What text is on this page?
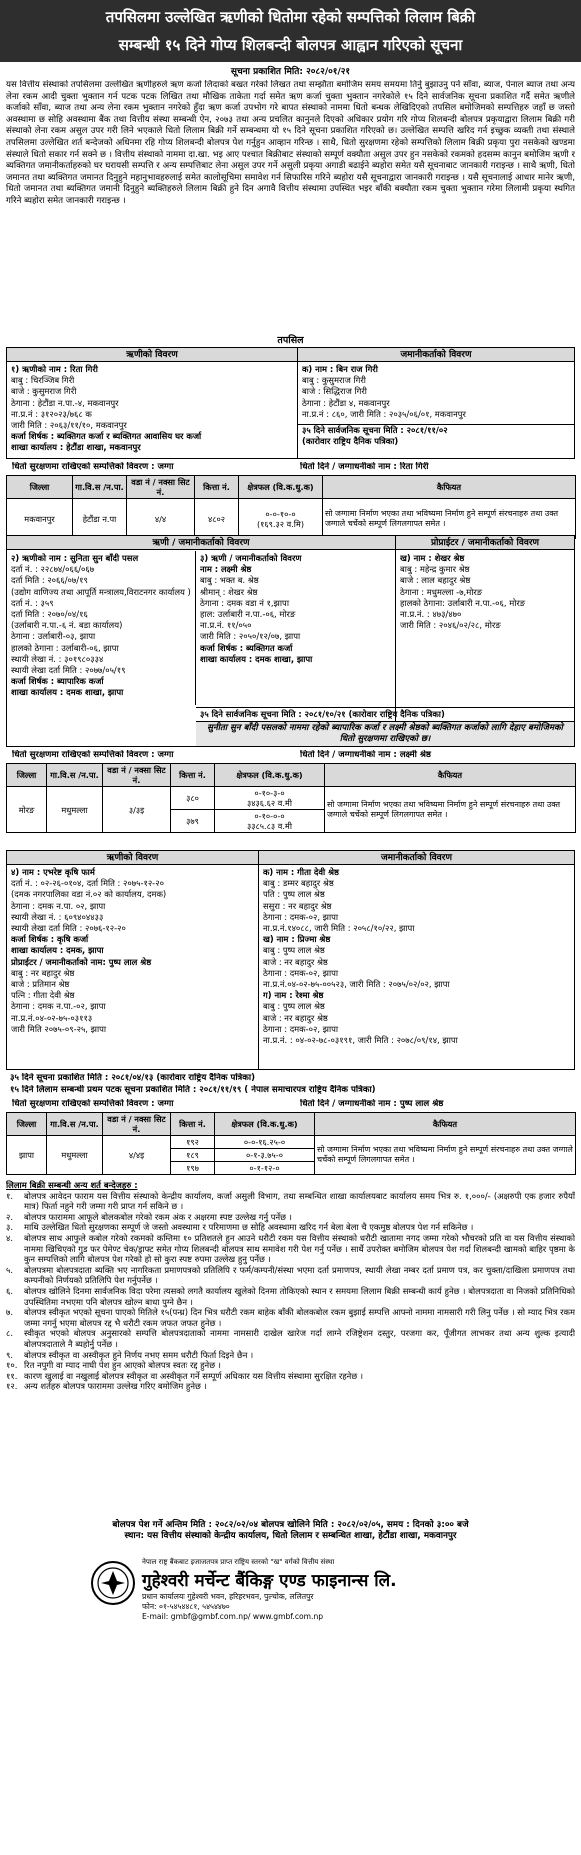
तपसिलमा उल्लेखित ऋणीको धितोमा रहेको सम्पत्तिको लिलाम बिक्री
सम्बन्धी १५ दिने गोप्य शिलबन्दी बोलपत्र आह्वान गरिएको सूचना
सूचना प्रकाशित मिति: २०८२/०१/२१
यस वित्तीय संस्थाको तपसिलमा उल्लेखित ऋणीहरुले ऋण कर्जा लिदाको बखत गरेको लिखत तथा सम्झौता बमोजिम समय समयमा तिर्नु बुझाउनु पर्ने साँवा, ब्याज, पेनाल ब्याज तथा अन्य लेना रकम आदी चुक्ता भुक्तान गर्न पटक पटक लिखित तथा मौखिक ताकेता गर्दा समेत ऋण कर्जा चुक्ता भुक्तान नगरेकोले १५ दिने सार्वजनिक सूचना प्रकाशित गर्दै समेत ऋणीले कर्जाको साँवा, ब्याज तथा अन्य लेना रकम भुक्तान नगरेको हुँदा ऋण कर्जा उपभोग गरे बापत संस्थाको नाममा धितो बन्धक लेखिदिएको तपसिल बमोजिमको सम्पत्तिहरु जहाँ छ जस्तो अवस्थामा छ सोहि अवस्थामा बैंक तथा वित्तीय संस्था सम्बन्धी ऐन, २०७३ तथा अन्य प्रचलित कानुनले दिएको अधिकार प्रयोग गरि गोप्य शिलबन्दी बोलपत्र प्रकृयाद्वारा लिलाम बिक्री गरी संस्थाको लेना रकम असुल उपर गरी लिने भएकाले धितो लिलाम बिक्री गर्ने सम्बन्धमा यो १५ दिने सूचना प्रकाशित गरिएको छ। उल्लेखित सम्पत्ति खरिद गर्न इच्छुक व्यक्ती तथा संस्थाले तपसिलमा उल्लेखित शर्त बन्देजको अधिनमा रहि गोप्य शिलबन्दी बोलपत्र पेश गर्नुहुन आव्हान गरिन्छ । साथै, धितो सुरक्षणमा रहेको सम्पत्तिको लिलाम बिक्री प्रकृया पुरा नसकेको खण्डमा संस्थाले धितो सकार गर्न सक्ने छ । वित्तीय संस्थाको नाममा दा.खा. भइ आए पश्चात बिक्रीबाट संस्थाको सम्पूर्ण वक्यौता असुल उपर हुन नसकेको रकमको हदसम्म कानुन बमोजिम ऋणी र ब्यक्तिगत जमानीकर्ताहरुको घर घरायसी सम्पत्ति र अन्य सम्पत्तिबाट लेना असुल उपर गर्ने असुली प्रकृया अगाडी बढाईने ब्यहोरा समेत यसै सूचनाबाट जानकारी गराइन्छ । साथै ऋणी, धितो जमानत तथा ब्यक्तिगत जमानत दिनुहुने महानुभावहरुलाई समेत कालोसूचिमा समावेश गर्न सिफारिस गरिने ब्यहोरा यसै सूचनाद्वारा जानकारी गराइन्छ । यसै सूचनालाई आधार मानेर ऋणी, धितो जमानत तथा ब्यक्तिगत जमानी दिनुहुने ब्यक्तिहरुले लिलाम बिक्री हुने दिन अगावै वित्तीय संस्थामा उपस्थित भइर बाँकी बक्यौता रकम चुक्ता भुक्तान गरेमा लिलामी प्रकृया स्थगित गरिने ब्यहोरा समेत जानकारी गराइन्छ ।
तपसिल
ऋणीको विवरण
१) ऋणीको नाम : रिता गिरी
बाबु : चिरञ्जिब गिरी
बाजे : कुसुमराज गिरी
ठेगाना : हेटौंडा न.पा.-४, मकवानपुर
ना.प्र.नं : ३१२०२३/७६८ क
जारी मिति : २०६३/११/१०, मकवानपुर
कर्जा शिर्षक : ब्यक्तिगत कर्जा र ब्यक्तिगत आवासिय घर कर्जा
शाखा कार्यालय : हेटौंडा शाखा, मकवानपुर
जमानीकर्ताको विवरण
क) नाम : बिन राज गिरी
बाबु : कुसुमराज गिरी
बाजे : सिद्धिराज गिरी
ठेगाना : हेटौंडा ४, मकवानपुर
ना.प्र.नं : ८६०, जारी मिति : २०३५/०६/०१, मकवानपुर
३५ दिने सार्वजनिक सूचना मिति : २०८१/११/०२
(कारोवार राष्ट्रिय दैनिक पत्रिका)
धितो सुरक्षणमा राखिएको सम्पत्तिको विवरण : जग्गा	धितो दिने / जग्गाधनीको नाम : रिता गिरी
जिल्ला	गा.वि.स /न.पा.	वडा नं / नक्सा सिट नं.	कित्ता नं.	क्षेत्रफल (वि.क.धु.क)	कैफियत
मकवानपुर	हेटौंडा न.पा	४/४	४८०२	०-०-१०-०
(१६९.३२ व.मि)	सो जग्गामा निर्माण भएका तथा भविष्यमा निर्माण हुने सम्पूर्ण संरचनाहरु तथा उक्त जग्गाले चर्चेको सम्पूर्ण लिगलगापत समेत ।
ऋणी / जमानीकर्ताको विवरण	प्रोप्राईटर / जमानीकर्ताको विवरण
२) ऋणीको नाम : सुनिता सुन बाँदी पसल
दर्ता नं. : २२८७४/०६६/०६७
दर्ता मिति : २०६६/०७/१९
(उद्योग वाणिज्य तथा आपूर्ति मन्त्रालय,विराटनगर कार्यालय )
दर्ता नं. : ३५९
दर्ता मिति : २०७०/०४/१६
(उर्लाबारी न.पा.-६ नं. बडा कार्यालय)
ठेगाना : उर्लाबारी-०३, झापा
हालको ठेगाना : उर्लाबारी-०६, झापा
स्थायी लेखा नं. : ३०१९८०३३४
स्थायी लेखा दर्ता मिति : २०७७/०५/१९
कर्जा शिर्षक : ब्यापारिक कर्जा
शाखा कार्यालय : दमक शाखा, झापा
३) ऋणी / जमानीकर्ताको विवरण
नाम : लक्ष्मी श्रेष्ठ
बाबु : भक्त ब. श्रेष्ठ
श्रीमान् : शेखर श्रेष्ठ
ठेगाना : दमक वडा नं १,झापा
हाल: उर्लाबारी न.पा.-०६, मोरङ
ना.प्र.नं. ११/०५०
जारी मिति : २०५०/१२/०७, झापा
कर्जा शिर्षक : ब्यक्तिगत कर्जा
शाखा कार्यालय : दमक शाखा, झापा
ख) नाम : शेखर श्रेष्ठ
बाबु : महेन्द्र कुमार श्रेष्ठ
बाजे : लाल बहादुर श्रेष्ठ
ठेगाना : मधुमल्ला -७,मोरङ
हालको ठेगाना: उर्लाबारी न.पा.-०६, मोरङ
ना.प्र.नं. : ४७३/४७०
जारी मिति : २०४६/०२/२८, मोरङ
३५ दिने सार्वजनिक सूचना मिति : २०८१/१०/२१ (कारोवार राष्ट्रिय दैनिक पत्रिका)
सुनीता सुन बाँदी पसलको नाममा रहेको ब्यापारिक कर्जा र लक्ष्मी श्रेष्ठको ब्यक्तिगत कर्जाको लागि देहाए बमोजिमको धितो सुरक्षणमा राखिएको छ।
धितो सुरक्षणमा राखिएको सम्पत्तिको विवरण : जग्गा	धितो दिने / जग्गाधनीको नाम : लक्ष्मी श्रेष्ठ
जिल्ला	गा.वि.स /न.पा.	वडा नं / नक्सा सिट नं.	कित्ता नं.	क्षेत्रफल (वि.क.धु.क)	कैफियत
मोरङ	मधुमल्ला	३/३इ	३८०	०-१०-३-०
३४३६.६२ व.मी	सो जग्गामा निर्माण भएका तथा भविष्यमा निर्माण हुने सम्पूर्ण संरचनाहरु तथा उक्त जग्गाले चर्चेको सम्पूर्ण लिगलगापत समेत ।
			३७९	०-१०-०-०
३३८५.८३ व.मी	
ऋणीको विवरण
४) नाम : एभरेष्ट कृषि फार्म
दर्ता नं. : ०२-२६-०१०४, दर्ता मिति : २०७५-१२-२०
(दमक नगरपालिका वडा नं.०२ को कार्यालय, दमक)
ठेगाना : दमक न.पा. ०२, झापा
स्थायी लेखा नं. : ६०९४०४४३३
स्थायी लेखा दर्ता मिति : २०७६-१२-२०
कर्जा शिर्षक : कृषि कर्जा
शाखा कार्यालय : दमक, झापा
प्रोप्राईटर / जमानीकर्ताको नाम: पुष्प लाल श्रेष्ठ
बाबु : नर बहादुर श्रेष्ठ
बाजे : प्रतिमान श्रेष्ठ
पत्नि : गीता देवी श्रेष्ठ
ठेगाना : दमक न.पा.-०२, झापा
ना.प्र.नं.०४-०२-७५-०३११३
जारी मिति २०७५-०९-२५, झापा
जमानीकर्ताको विवरण
क) नाम : गीता देवी श्रेष्ठ
बाबु : डम्मर बहादुर श्रेष्ठ
पति : पुष्प लाल श्रेष्ठ
ससुरा : नर बहादुर श्रेष्ठ
ठेगाना : दमक-०२, झापा
ना.प्र.नं.१४०८८, जारी मिति : २०५८/१०/२२, झापा
ख) नाम : प्रिज्मा श्रेष्ठ
बाबु : पुष्प लाल श्रेष्ठ
बाजे : नर बहादुर श्रेष्ठ
ठेगाना : दमक-०२, झापा
ना.प्र.नं.०४-०२-७५-००५२३, जारी मिति : २०७५/०२/०२, झापा
ग) नाम : रेश्मा श्रेष्ठ
बाबु : पुष्प लाल श्रेष्ठ
बाजे : नर बहादुर श्रेष्ठ
ठेगाना : दमक-०२, झापा
ना.प्र.नं. : ०४-०२-७८-०३१९१, जारी मिति : २०७८/०९/१४, झापा
३५ दिने सूचना प्रकाशित मिति : २०८१/०४/१३ (कारोवार राष्ट्रिय दैनिक पत्रिका)
१५ दिने लिलाम सम्बन्धी प्रथम पटक सूचना प्रकाशित मिति : २०८१/११/१९ ( नेपाल समाचारपत्र राष्ट्रिय दैनिक पत्रिका)
धितो सुरक्षणमा राखिएको सम्पत्तिको विवरण : जग्गा	धितो दिने / जग्गाधनीको नाम : पुष्प लाल श्रेष्ठ
जिल्ला	गा.वि.स /न.पा.	वडा नं / नक्सा सिट नं.	कित्ता नं.	क्षेत्रफल (वि.क.धु.क)	कैफियत
झापा	मधुमल्ला	४/४इ	१९२	०-०-१६.२५-०	सो जग्गामा निर्माण भएका तथा भविष्यमा निर्माण हुने सम्पूर्ण संरचनाहरु तथा उक्त जग्गाले चर्चेको सम्पूर्ण लिगलगापत समेत ।
			१८९	०-१-३.७५-०	
			१९७	०-१-१२-०	
लिलाम बिक्री सम्बन्धी अन्य शर्त बन्देजहरु :
१.	बोलपत्र आवेदन फाराम यस वित्तीय संस्थाको केन्द्रीय कार्यालय, कर्जा असुली विभाग, तथा सम्बन्धित शाखा कार्यालयबाट कार्यालय समय भित्र रु. १,०००/- (अक्षरुपी एक हजार रुपैयाँ मात्र) फिर्ता नहुने गरी जम्मा गरी प्राप्त गर्न सकिने छ ।
२.	बोलपत्र फाराममा आफूले बोलकबोल गरेको रकम अंक र अक्षरमा स्पष्ट उल्लेख गर्नु पर्नेछ ।
३.	माथि उल्लेखित धितो सुरक्षणका सम्पूर्ण जे जस्तो अवस्थामा र परिमाणमा छ सोहि अवस्थामा खरिद गर्न बेला बेला चै एकमुष्ठ बोलपत्र पेश गर्न सकिनेछ ।
४.	बोलपत्र साथ आफुले कबोल गरेको रकमको कम्तिमा १० प्रतिशतले हुन आउने धरौटी रकम यस वित्तीय संस्थाको धरौटी खातामा नगद जम्मा गरेको भौचरको प्रति वा यस वित्तीय संस्थाको नाममा खिचिएको गुड फर पेमेण्ट चेक/ड्राफ्ट समेत गोप्य शिलबन्दी बोलपत्र साथ समावेश गरी पेश गर्नु पर्नेछ । सार्थै उपरोक्त बमोजिम बोलपत्र पेश गर्दा शिलबन्दी खामको बाहिर पृष्ठमा के कुन सम्पत्तिको लागि बोलपत्र पेश गरेको हो सो कुरा स्पष्ट रुपमा उल्लेख हुनु पर्नेछ ।
५.	बोलपत्रमा बोलपत्रदाता ब्यक्ति भए नागरिकता प्रमाणपत्रको प्रतिलिपि र फर्म/कम्पनी/संस्था भएमा दर्ता प्रमाणपत्र, स्थायी लेखा नम्बर दर्ता प्रमाण पत्र, कर चुक्ता/दाखिला प्रमाणपत्र तथा कम्पनीको निर्णयको प्रतिलिपि पेश गर्नुपर्नेछ ।
६.	बोलपत्र खोलिने दिनमा सार्वजनिक विदा परेमा त्यसको लगतै कार्यालय खुलेको दिनमा तोकिएको स्थान र समयमा लिलाम बिक्री सम्बन्धी कार्य हुनेछ । बोलपत्रदाता वा निजको प्रतिनिधिको उपस्थितिमा नभएमा पनि बोलपत्र खोल्न बाधा पुग्ने छैन ।
७.	बोलपत्र स्वीकृत भएको सूचना पाएको मितिले १५(पन्ध्र) दिन भित्र धरौटी रकम बाहेक बाँकी बोलकबोल रकम बुझाई सम्पत्ति आफ्नो नाममा नामसारी गरी लिनु पर्नेछ । सो म्याद भित्र रकम जम्मा नगर्नु भएमा बोलपत्र रद्द भै धरौटी रकम जफत जफत हुनेछ ।
८.	स्वीकृत भएको बोलपत्र अनुसारको सम्पत्ति बोलपत्रदाताको नाममा नामसारी दाखेल खारेज गर्दा लाग्ने रजिष्ट्रेशन दस्तुर, परजगा कर, पूँजीगत लाभकर तथा अन्य शुल्क इत्यादी बोलपत्रदाताले नै ब्यहोर्नु पर्नेछ ।
९.	बोलपत्र स्वीकृत वा अस्वीकृत हुने निर्णय नभए समम धरौटी फिर्ता दिइने छैन ।
१०. रित नपुगी वा म्याद नाघी पेश हुन आएको बोलपत्र स्वतः रद्द हुनेछ ।
११. कारण खुलाई वा नखुलाई बोलपत्र स्वीकृत वा अस्वीकृत गर्ने सम्पूर्ण अधिकार यस वित्तीय संस्थामा सुरक्षित रहनेछ ।
१२. अन्य शर्तहरु बोलपत्र फाराममा उल्लेख गरिए बमोजिम हुनेछ ।
बोलपत्र पेश गर्ने अन्तिम मिति : २०८२/०२/०४ बोलपत्र खोलिने मिति : २०८२/०२/०५, समय : दिनको ३:०० बजे
स्थान: यस वित्तीय संस्थाको केन्द्रीय कार्यालय, धितो लिलाम र सम्बन्धित शाखा, हेटौंडा शाखा, मकवानपुर
नेपाल राष्ट्र बैंकबाट इजाजतपत्र प्राप्त राष्ट्रिय स्तरको "ख" वर्गको वित्तीय संस्था
गुहेश्वरी मर्चेन्ट बैंकिङ्ग एण्ड फाइनान्स लि.
प्रधान कार्यालयः गुहेश्वरी भवन, हरिहरभवन, पुल्चोक, ललितपुर
फोन: ०१-५४५४४८१, ५४५४४७०
E-mail: gmbf@gmbf.com.np/ www.gmbf.com.np
